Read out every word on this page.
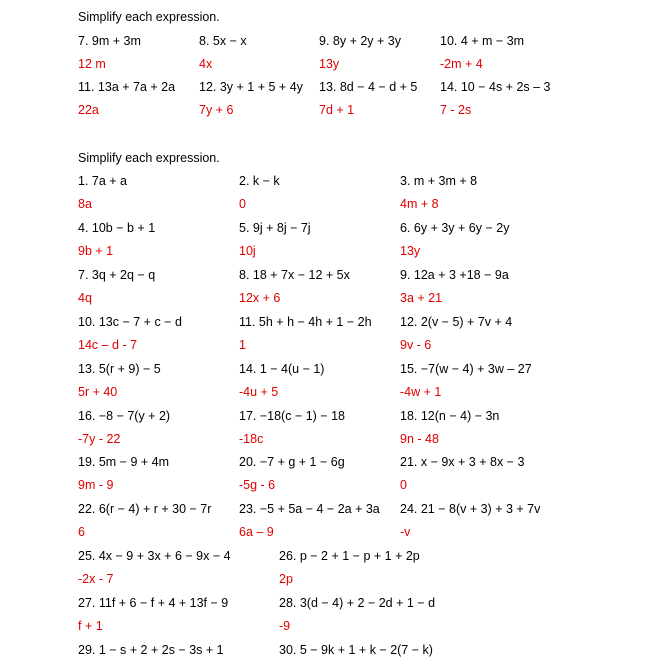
Simplify each expression.
7. 9m + 3m
12 m
8. 5x − x
4x
9. 8y + 2y + 3y
13y
10. 4 + m − 3m
-2m + 4
11. 13a + 7a + 2a
22a
12. 3y + 1 + 5 + 4y
7y + 6
13. 8d − 4 − d + 5
7d + 1
14. 10 − 4s + 2s – 3
7 - 2s
Simplify each expression.
1. 7a + a
8a
2. k − k
0
3. m + 3m + 8
4m + 8
4. 10b − b + 1
9b + 1
5. 9j + 8j − 7j
10j
6. 6y + 3y + 6y − 2y
13y
7. 3q + 2q − q
4q
8. 18 + 7x − 12 + 5x
12x + 6
9. 12a + 3 +18 − 9a
3a + 21
10. 13c − 7 + c − d
14c – d - 7
11. 5h + h − 4h + 1 − 2h
1
12. 2(v − 5) + 7v + 4
9v - 6
13. 5(r + 9) − 5
5r + 40
14. 1 − 4(u − 1)
-4u + 5
15. −7(w − 4) + 3w – 27
-4w + 1
16. −8 − 7(y + 2)
-7y - 22
17. −18(c − 1) − 18
-18c
18. 12(n − 4) − 3n
9n - 48
19. 5m − 9 + 4m
9m - 9
20. −7 + g + 1 − 6g
-5g - 6
21. x − 9x + 3 + 8x − 3
0
22. 6(r − 4) + r + 30 − 7r
6
23. −5 + 5a − 4 − 2a + 3a
6a – 9
24. 21 − 8(v + 3) + 3 + 7v
-v
25. 4x − 9 + 3x + 6 − 9x − 4
-2x - 7
26. p − 2 + 1 − p + 1 + 2p
2p
27. 11f + 6 − f + 4 + 13f − 9
f + 1
28. 3(d − 4) + 2 − 2d + 1 − d
-9
29. 1 − s + 2 + 2s − 3s + 1	30. 5 − 9k + 1 + k − 2(7 − k)
